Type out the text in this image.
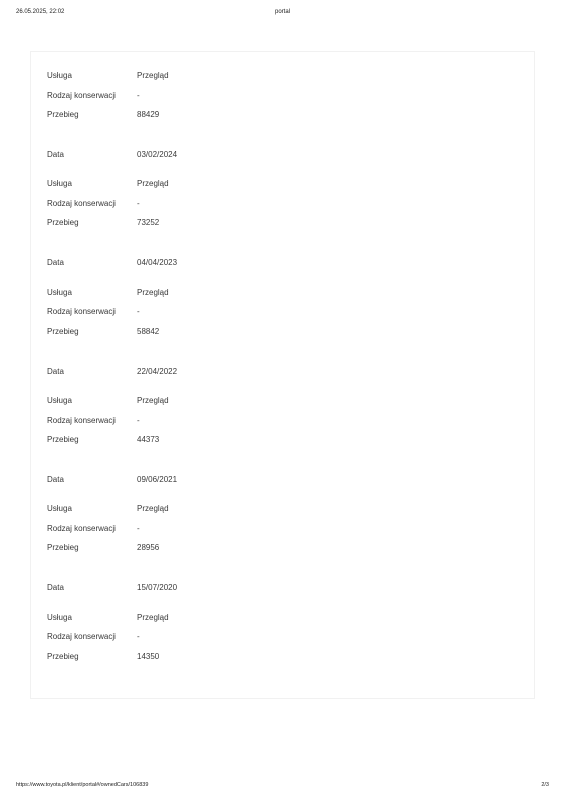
26.05.2025, 22:02	portal
Usługa	Przegląd
Rodzaj konserwacji	-
Przebieg	88429
Data	03/02/2024
Usługa	Przegląd
Rodzaj konserwacji	-
Przebieg	73252
Data	04/04/2023
Usługa	Przegląd
Rodzaj konserwacji	-
Przebieg	58842
Data	22/04/2022
Usługa	Przegląd
Rodzaj konserwacji	-
Przebieg	44373
Data	09/06/2021
Usługa	Przegląd
Rodzaj konserwacji	-
Przebieg	28956
Data	15/07/2020
Usługa	Przegląd
Rodzaj konserwacji	-
Przebieg	14350
https://www.toyota.pl/klient/portal#/ownedCars/106839	2/3
